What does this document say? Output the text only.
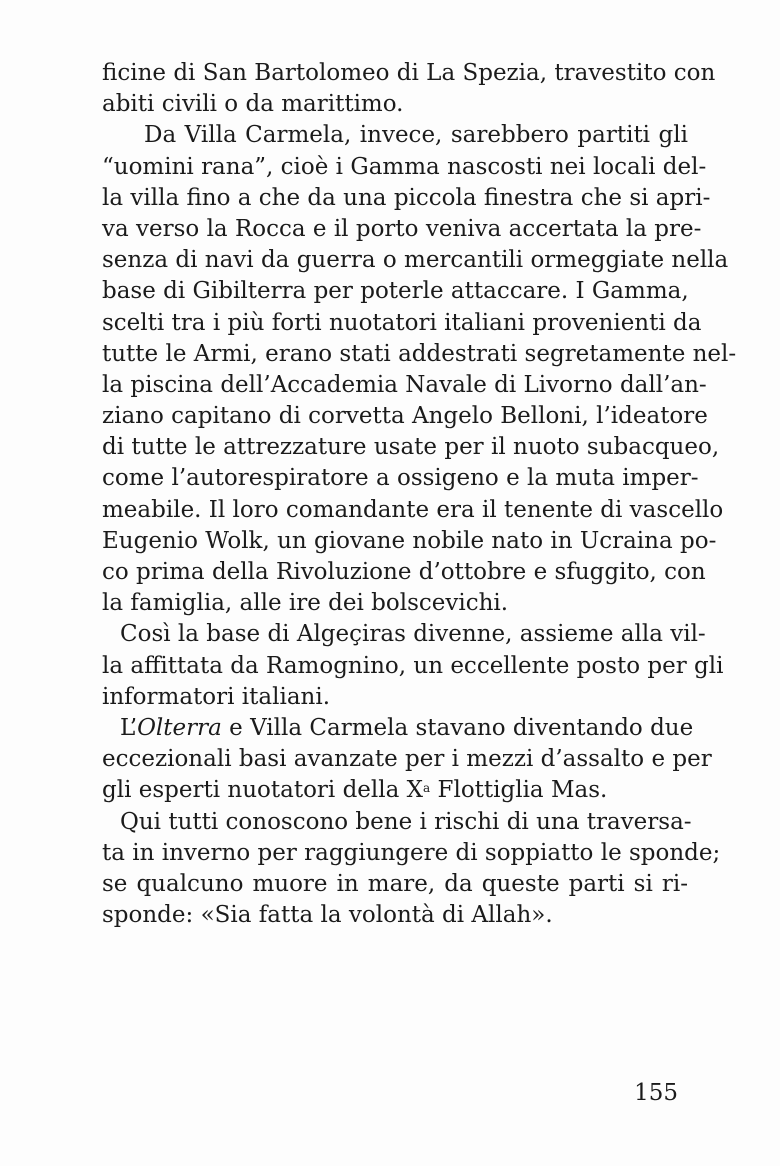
ficine di San Bartolomeo di La Spezia, travestito con
abiti civili o da marittimo.
Da Villa Carmela, invece, sarebbero partiti gli
“uomini rana”, cioè i Gamma nascosti nei locali del-
la villa fino a che da una piccola finestra che si apri-
va verso la Rocca e il porto veniva accertata la pre-
senza di navi da guerra o mercantili ormeggiate nella
base di Gibilterra per poterle attaccare. I Gamma,
scelti tra i più forti nuotatori italiani provenienti da
tutte le Armi, erano stati addestrati segretamente nel-
la piscina dell’Accademia Navale di Livorno dall’an-
ziano capitano di corvetta Angelo Belloni, l’ideatore
di tutte le attrezzature usate per il nuoto subacqueo,
come l’autorespiratore a ossigeno e la muta imper-
meabile. Il loro comandante era il tenente di vascello
Eugenio Wolk, un giovane nobile nato in Ucraina po-
co prima della Rivoluzione d’ottobre e sfuggito, con
la famiglia, alle ire dei bolscevichi.
Così la base di Algeçiras divenne, assieme alla vil-
la affittata da Ramognino, un eccellente posto per gli
informatori italiani.
L’Olterra e Villa Carmela stavano diventando due
eccezionali basi avanzate per i mezzi d’assalto e per
gli esperti nuotatori della $X^a$ Flottiglia Mas.
Qui tutti conoscono bene i rischi di una traversa-
ta in inverno per raggiungere di soppiatto le sponde;
se qualcuno muore in mare, da queste parti si ri-
sponde: «Sia fatta la volontà di Allah».
155
